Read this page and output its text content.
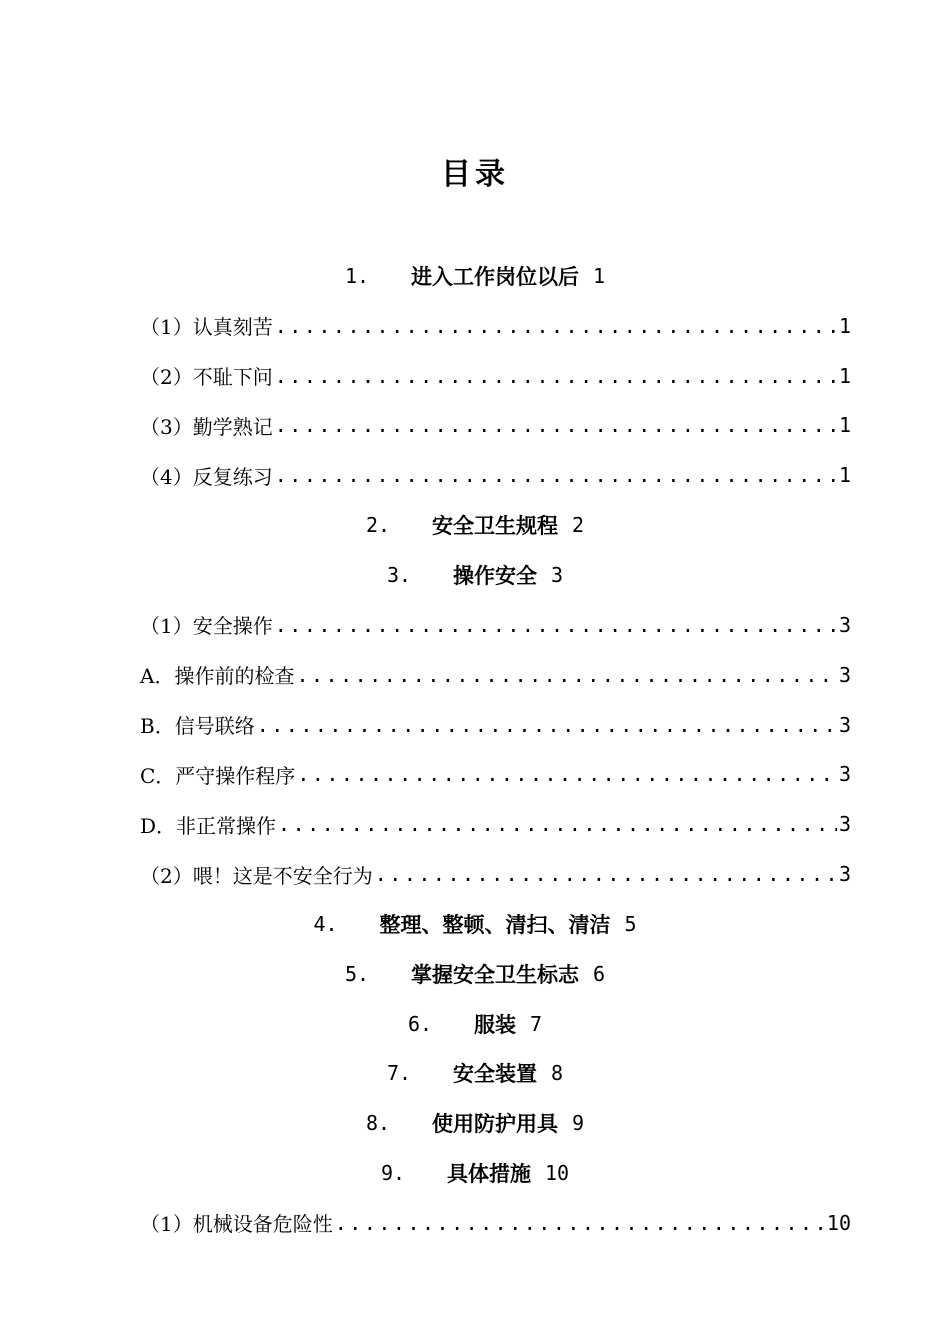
目录
1.	进入工作岗位以后 1
（1）认真刻苦 .....	1
（2）不耻下问 .....	1
（3）勤学熟记 .....	1
（4）反复练习 .....	1
2.	安全卫生规程 2
3.	操作安全 3
（1）安全操作 .....	3
A．操作前的检查 .....	3
B．信号联络 .....	3
C．严守操作程序 .....	3
D．非正常操作 .....	3
（2）喂！这是不安全行为 .....	3
4.	整理、整顿、清扫、清洁 5
5.	掌握安全卫生标志 6
6.	服装 7
7.	安全装置 8
8.	使用防护用具 9
9.	具体措施 10
（1）机械设备危险性 .....	10
